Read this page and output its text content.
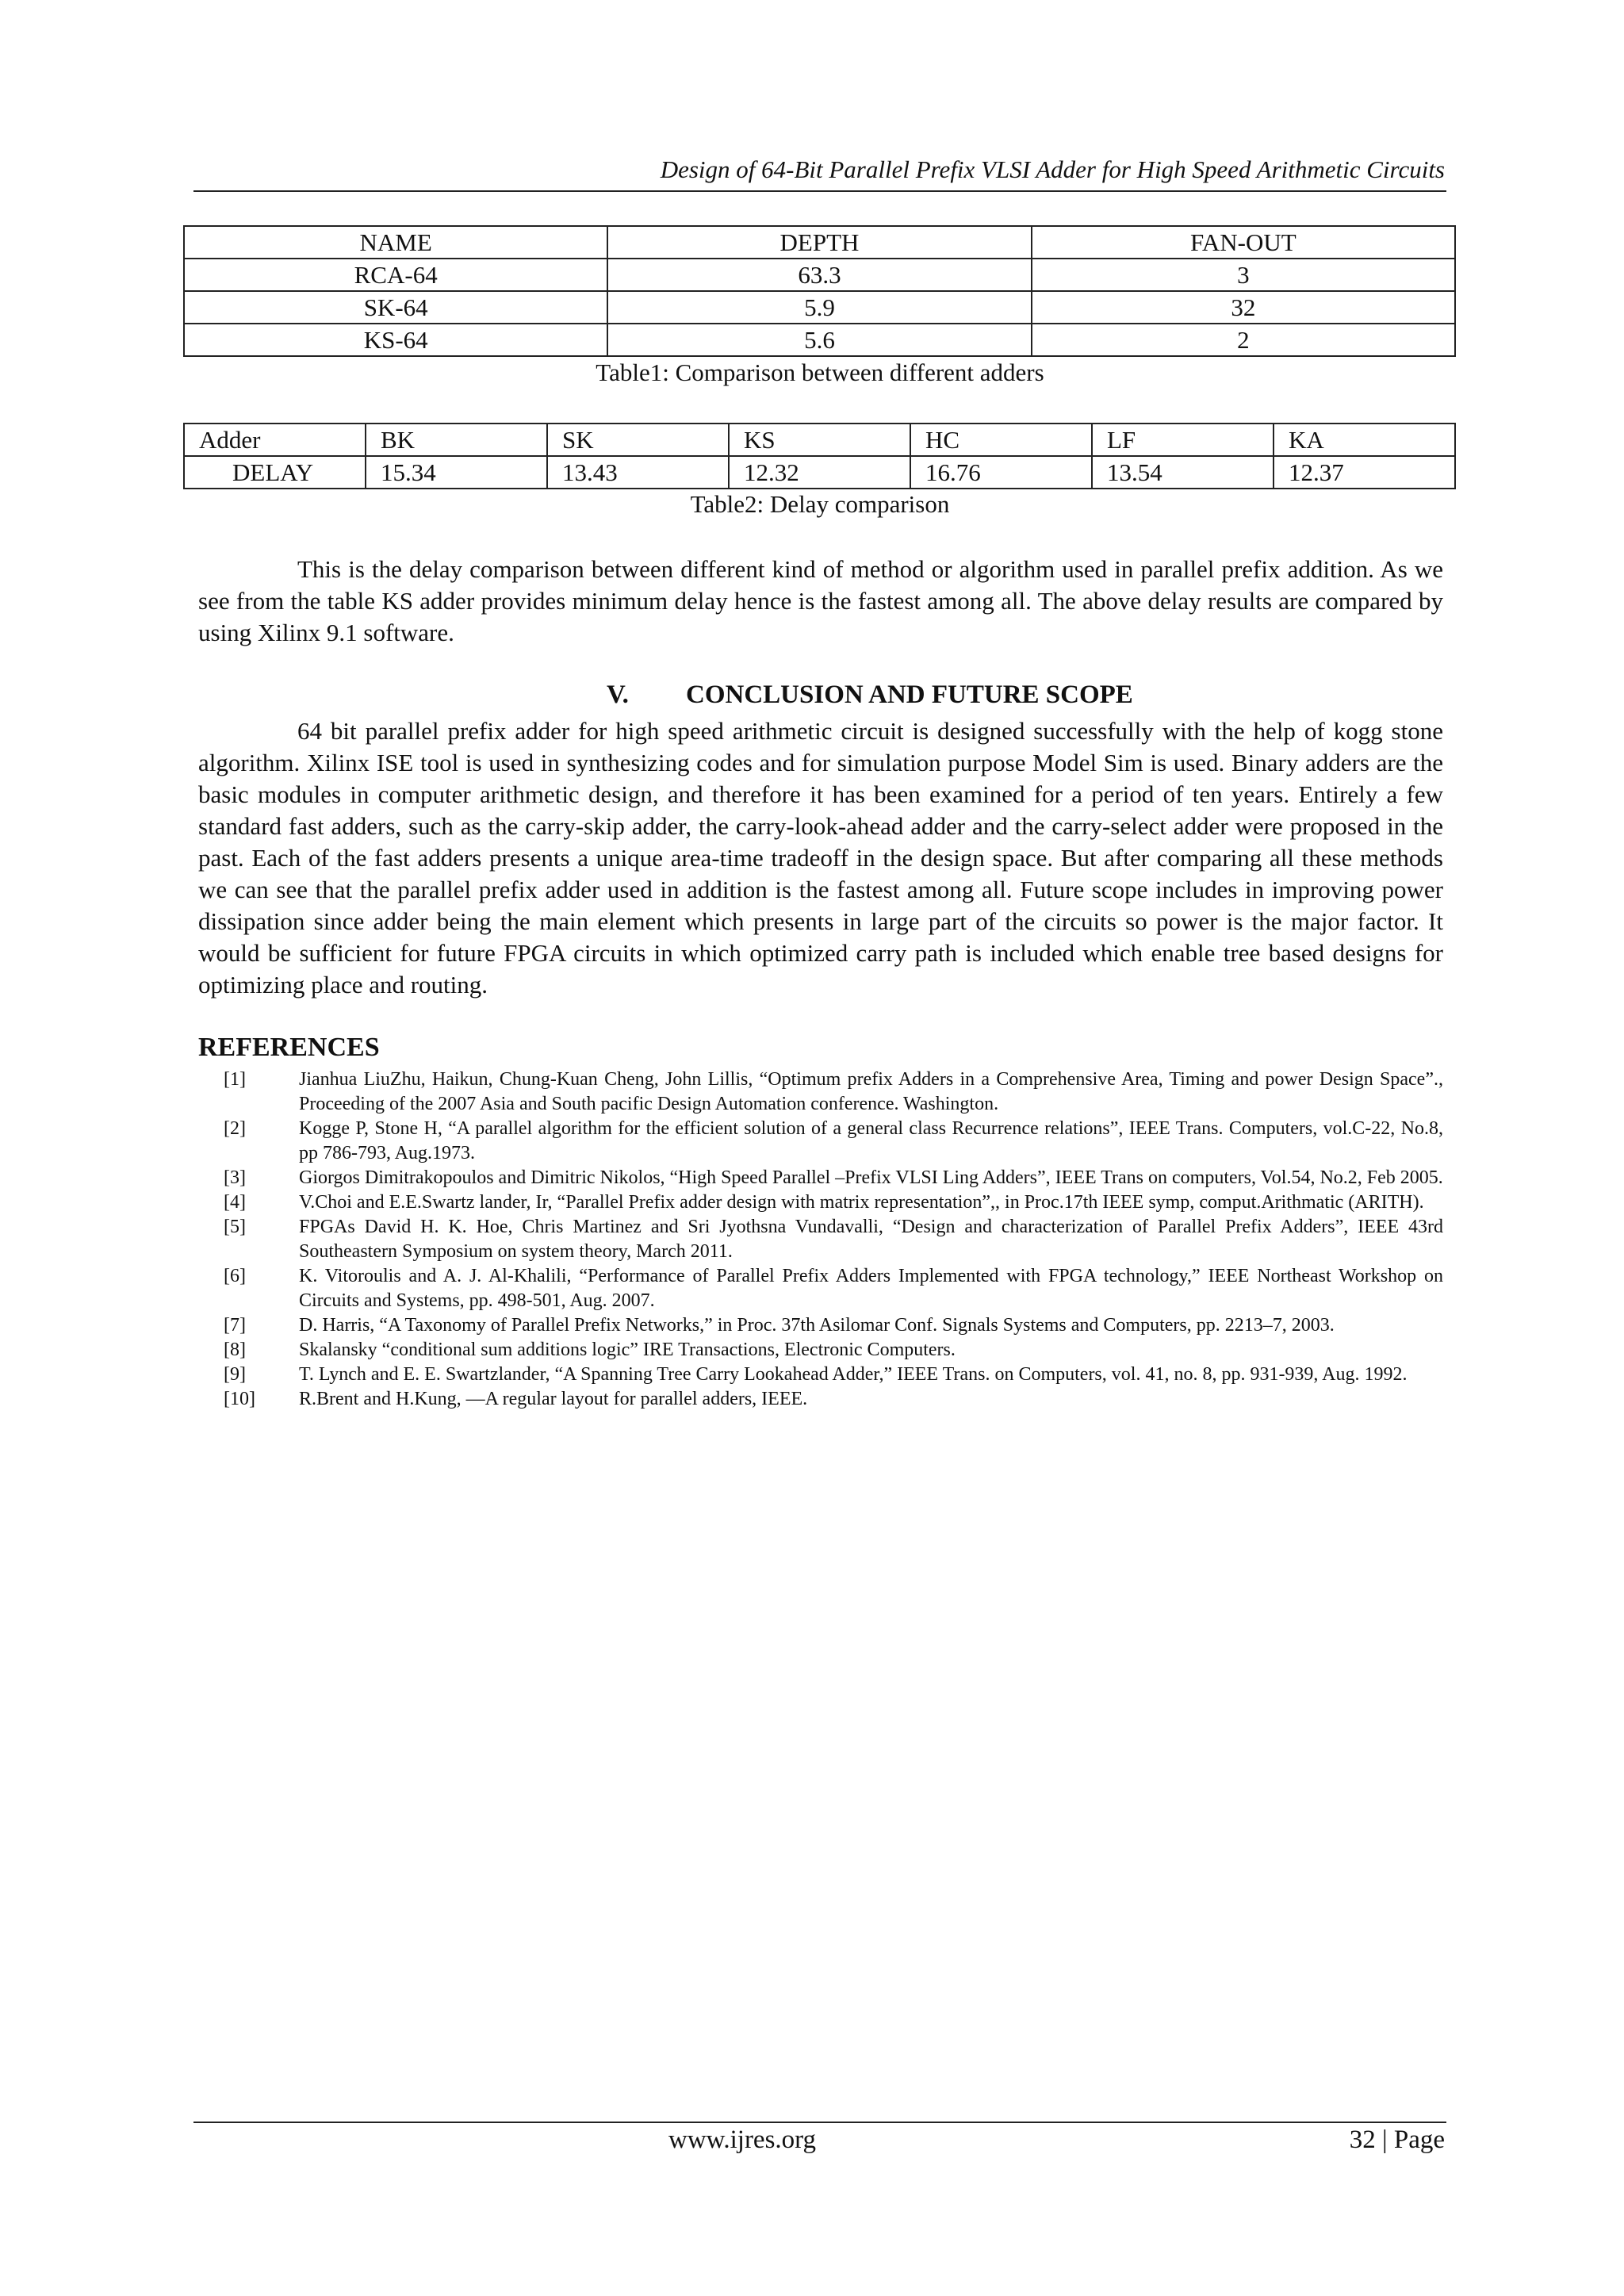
Design of 64-Bit Parallel Prefix VLSI Adder for High Speed Arithmetic Circuits
NAME	DEPTH	FAN-OUT
RCA-64	63.3	3
SK-64	5.9	32
KS-64	5.6	2
Table1: Comparison between different adders
Adder	BK	SK	KS	HC	LF	KA
DELAY	15.34	13.43	12.32	16.76	13.54	12.37
Table2: Delay comparison

This is the delay comparison between different kind of method or algorithm used in parallel prefix addition. As we see from the table KS adder provides minimum delay hence is the fastest among all. The above delay results are compared by using Xilinx 9.1 software.

V. CONCLUSION AND FUTURE SCOPE

64 bit parallel prefix adder for high speed arithmetic circuit is designed successfully with the help of kogg stone algorithm. Xilinx ISE tool is used in synthesizing codes and for simulation purpose Model Sim is used. Binary adders are the basic modules in computer arithmetic design, and therefore it has been examined for a period of ten years. Entirely a few standard fast adders, such as the carry-skip adder, the carry-look-ahead adder and the carry-select adder were proposed in the past. Each of the fast adders presents a unique area-time tradeoff in the design space. But after comparing all these methods we can see that the parallel prefix adder used in addition is the fastest among all. Future scope includes in improving power dissipation since adder being the main element which presents in large part of the circuits so power is the major factor. It would be sufficient for future FPGA circuits in which optimized carry path is included which enable tree based designs for optimizing place and routing.

REFERENCES
[1]	Jianhua LiuZhu, Haikun, Chung-Kuan Cheng, John Lillis, “Optimum prefix Adders in a Comprehensive Area, Timing and power Design Space”., Proceeding of the 2007 Asia and South pacific Design Automation conference. Washington.
[2]	Kogge P, Stone H, “A parallel algorithm for the efficient solution of a general class Recurrence relations”, IEEE Trans. Computers, vol.C-22, No.8, pp 786-793, Aug.1973.
[3]	Giorgos Dimitrakopoulos and Dimitric Nikolos, “High Speed Parallel –Prefix VLSI Ling Adders”, IEEE Trans on computers, Vol.54, No.2, Feb 2005.
[4]	V.Choi and E.E.Swartz lander, Ir, “Parallel Prefix adder design with matrix representation”,, in Proc.17th IEEE symp, comput.Arithmatic (ARITH).
[5]	FPGAs David H. K. Hoe, Chris Martinez and Sri Jyothsna Vundavalli, “Design and characterization of Parallel Prefix Adders”, IEEE 43rd Southeastern Symposium on system theory, March 2011.
[6]	K. Vitoroulis and A. J. Al-Khalili, “Performance of Parallel Prefix Adders Implemented with FPGA technology,” IEEE Northeast Workshop on Circuits and Systems, pp. 498-501, Aug. 2007.
[7]	D. Harris, “A Taxonomy of Parallel Prefix Networks,” in Proc. 37th Asilomar Conf. Signals Systems and Computers, pp. 2213–7, 2003.
[8]	Skalansky “conditional sum additions logic” IRE Transactions, Electronic Computers.
[9]	T. Lynch and E. E. Swartzlander, “A Spanning Tree Carry Lookahead Adder,” IEEE Trans. on Computers, vol. 41, no. 8, pp. 931-939, Aug. 1992.
[10]	R.Brent and H.Kung, ―A regular layout for parallel adders, IEEE.
www.ijres.org	32 | Page
